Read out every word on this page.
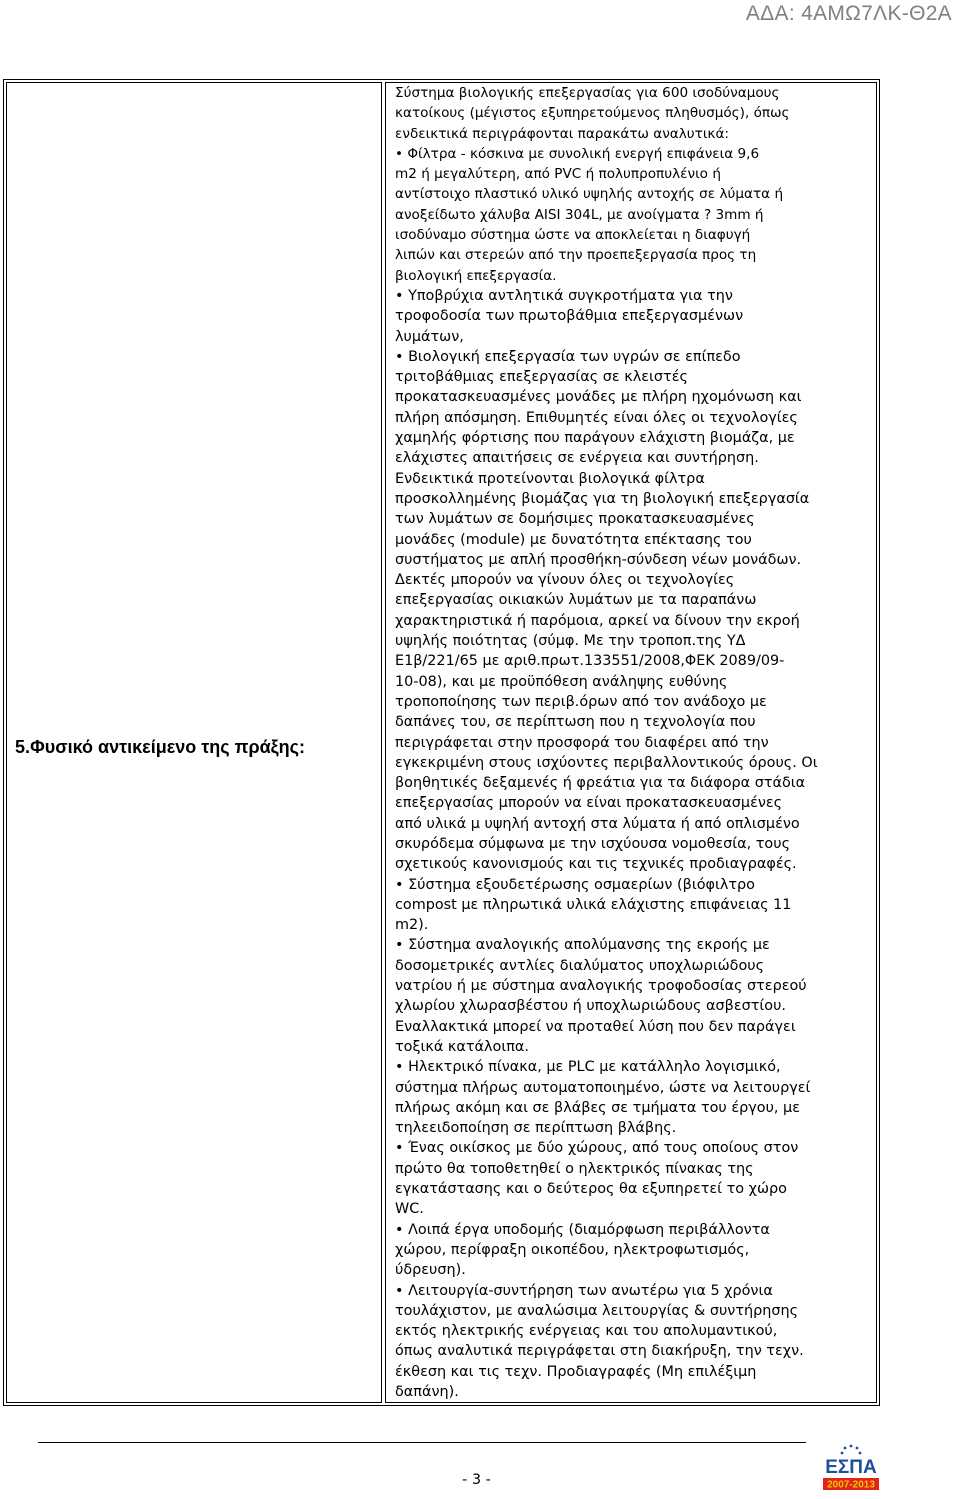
ΑΔΑ: 4ΑΜΩ7ΛΚ-Θ2Α
5.Φυσικό αντικείμενο της πράξης:
Σύστημα βιολογικής επεξεργασίας για 600 ισοδύναμους
κατοίκους (μέγιστος εξυπηρετούμενος πληθυσμός), όπως
ενδεικτικά περιγράφονται παρακάτω αναλυτικά:
• Φίλτρα - κόσκινα με συνολική ενεργή επιφάνεια 9,6
m2 ή μεγαλύτερη, από PVC ή πολυπροπυλένιο ή
αντίστοιχο πλαστικό υλικό υψηλής αντοχής σε λύματα ή
ανοξείδωτο χάλυβα AISI 304L, με ανοίγματα ? 3mm ή
ισοδύναμο σύστημα ώστε να αποκλείεται η διαφυγή
λιπών και στερεών από την προεπεξεργασία προς τη
βιολογική επεξεργασία.
• Υποβρύχια αντλητικά συγκροτήματα για την
τροφοδοσία των πρωτοβάθμια επεξεργασμένων
λυμάτων,
• Βιολογική επεξεργασία των υγρών σε επίπεδο
τριτοβάθμιας επεξεργασίας σε κλειστές
προκατασκευασμένες μονάδες με πλήρη ηχομόνωση και
πλήρη απόσμηση. Επιθυμητές είναι όλες οι τεχνολογίες
χαμηλής φόρτισης που παράγουν ελάχιστη βιομάζα, με
ελάχιστες απαιτήσεις σε ενέργεια και συντήρηση.
Ενδεικτικά προτείνονται βιολογικά φίλτρα
προσκολλημένης βιομάζας για τη βιολογική επεξεργασία
των λυμάτων σε δομήσιμες προκατασκευασμένες
μονάδες (module) με δυνατότητα επέκτασης του
συστήματος με απλή προσθήκη-σύνδεση νέων μονάδων.
Δεκτές μπορούν να γίνουν όλες οι τεχνολογίες
επεξεργασίας οικιακών λυμάτων με τα παραπάνω
χαρακτηριστικά ή παρόμοια, αρκεί να δίνουν την εκροή
υψηλής ποιότητας (σύμφ. Με την τροποπ.της ΥΔ
Ε1β/221/65 με αριθ.πρωτ.133551/2008,ΦΕΚ 2089/09-
10-08), και με προϋπόθεση ανάληψης ευθύνης
τροποποίησης των περιβ.όρων από τον ανάδοχο με
δαπάνες του, σε περίπτωση που η τεχνολογία που
περιγράφεται στην προσφορά του διαφέρει από την
εγκεκριμένη στους ισχύοντες περιβαλλοντικούς όρους. Οι
βοηθητικές δεξαμενές ή φρεάτια για τα διάφορα στάδια
επεξεργασίας μπορούν να είναι προκατασκευασμένες
από υλικά μ υψηλή αντοχή στα λύματα ή από οπλισμένο
σκυρόδεμα σύμφωνα με την ισχύουσα νομοθεσία, τους
σχετικούς κανονισμούς και τις τεχνικές προδιαγραφές.
• Σύστημα εξουδετέρωσης οσμαερίων (βιόφιλτρο
compost με πληρωτικά υλικά ελάχιστης επιφάνειας 11
m2).
• Σύστημα αναλογικής απολύμανσης της εκροής με
δοσομετρικές αντλίες διαλύματος υποχλωριώδους
νατρίου ή με σύστημα αναλογικής τροφοδοσίας στερεού
χλωρίου χλωρασβέστου ή υποχλωριώδους ασβεστίου.
Εναλλακτικά μπορεί να προταθεί λύση που δεν παράγει
τοξικά κατάλοιπα.
• Ηλεκτρικό πίνακα, με PLC με κατάλληλο λογισμικό,
σύστημα πλήρως αυτοματοποιημένο, ώστε να λειτουργεί
πλήρως ακόμη και σε βλάβες σε τμήματα του έργου, με
τηλεειδοποίηση σε περίπτωση βλάβης.
• Ένας οικίσκος με δύο χώρους, από τους οποίους στον
πρώτο θα τοποθετηθεί ο ηλεκτρικός πίνακας της
εγκατάστασης και ο δεύτερος θα εξυπηρετεί το χώρο
WC.
• Λοιπά έργα υποδομής (διαμόρφωση περιβάλλοντα
χώρου, περίφραξη οικοπέδου, ηλεκτροφωτισμός,
ύδρευση).
• Λειτουργία-συντήρηση των ανωτέρω για 5 χρόνια
τουλάχιστον, με αναλώσιμα λειτουργίας & συντήρησης
εκτός ηλεκτρικής ενέργειας και του απολυμαντικού,
όπως αναλυτικά περιγράφεται στη διακήρυξη, την τεχν.
έκθεση και τις τεχν. Προδιαγραφές (Μη επιλέξιμη
δαπάνη).
- 3 -
ΕΣΠΑ
2007-2013
